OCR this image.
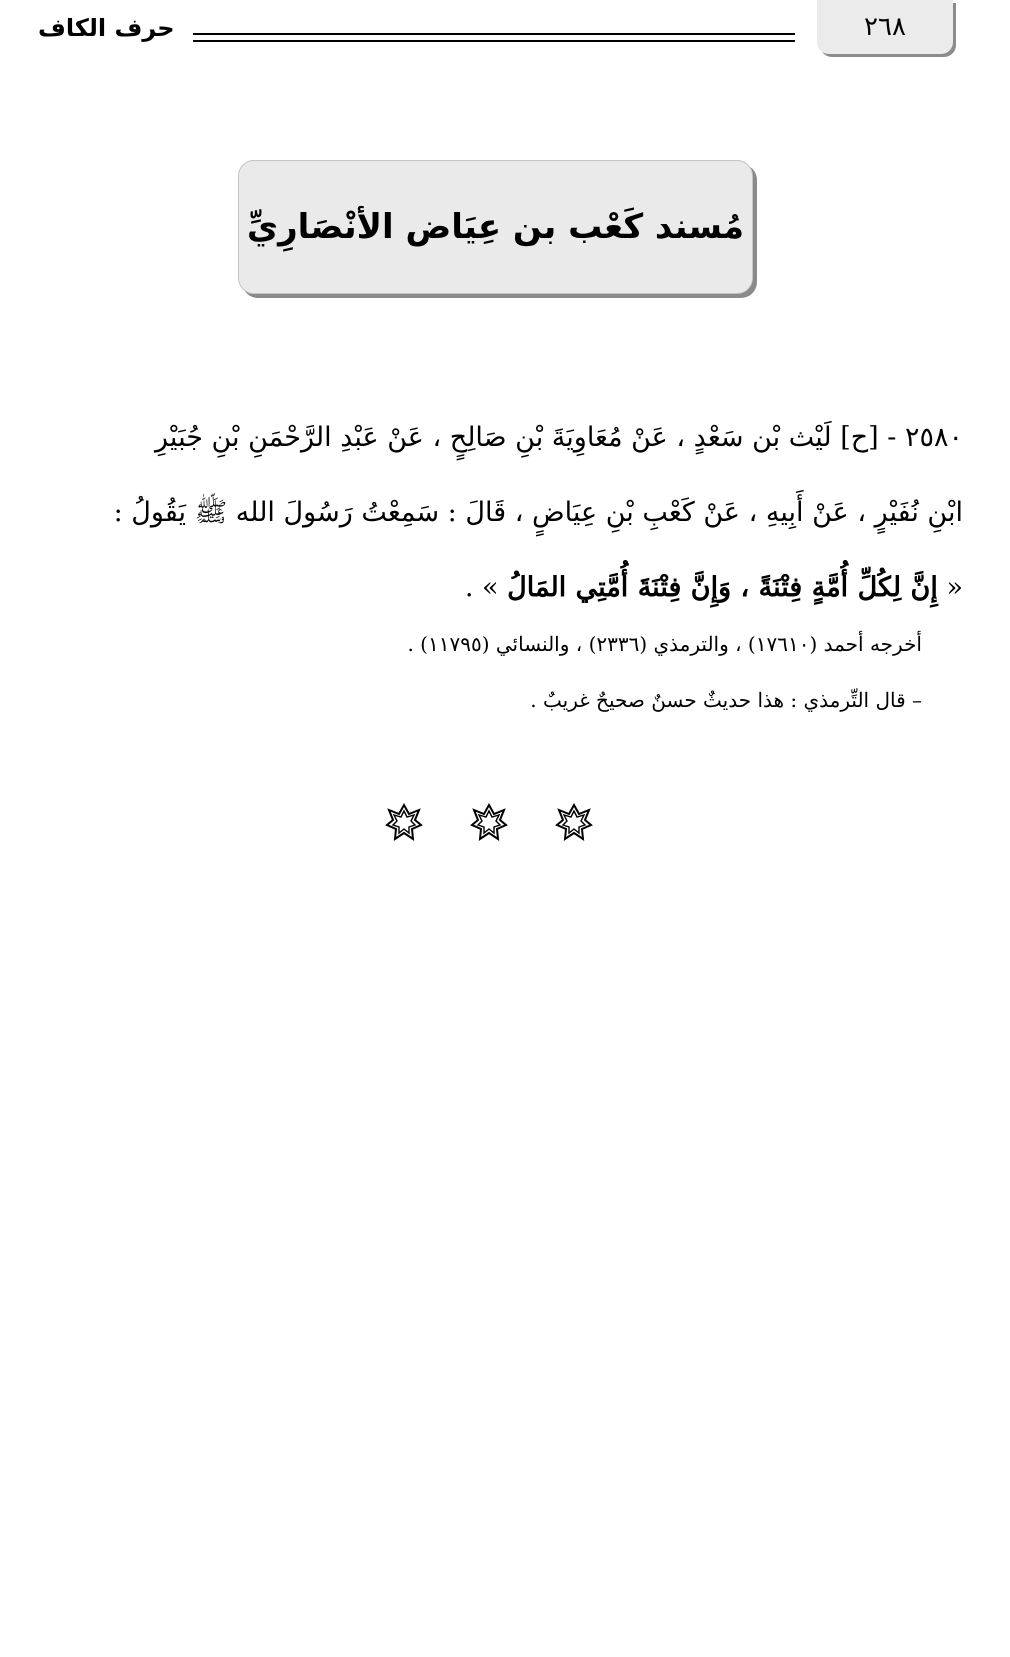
حرف الكاف	٢٦٨
مُسند كَعْب بن عِيَاض الأنْصَارِيِّ
٢٥٨٠ - [ح] لَيْث بْن سَعْدٍ ، عَنْ مُعَاوِيَةَ بْنِ صَالِحٍ ، عَنْ عَبْدِ الرَّحْمَنِ بْنِ جُبَيْرِ
ابْنِ نُفَيْرٍ ، عَنْ أَبِيهِ ، عَنْ كَعْبِ بْنِ عِيَاضٍ ، قَالَ : سَمِعْتُ رَسُولَ الله ﷺ يَقُولُ :
« إِنَّ لِكُلِّ أُمَّةٍ فِتْنَةً ، وَإِنَّ فِتْنَةَ أُمَّتِي المَالُ » .
أخرجه أحمد (١٧٦١٠) ، والترمذي (٢٣٣٦) ، والنسائي (١١٧٩٥) .
– قال التِّرمذي : هذا حديثٌ حسنٌ صحيحٌ غريبٌ .
